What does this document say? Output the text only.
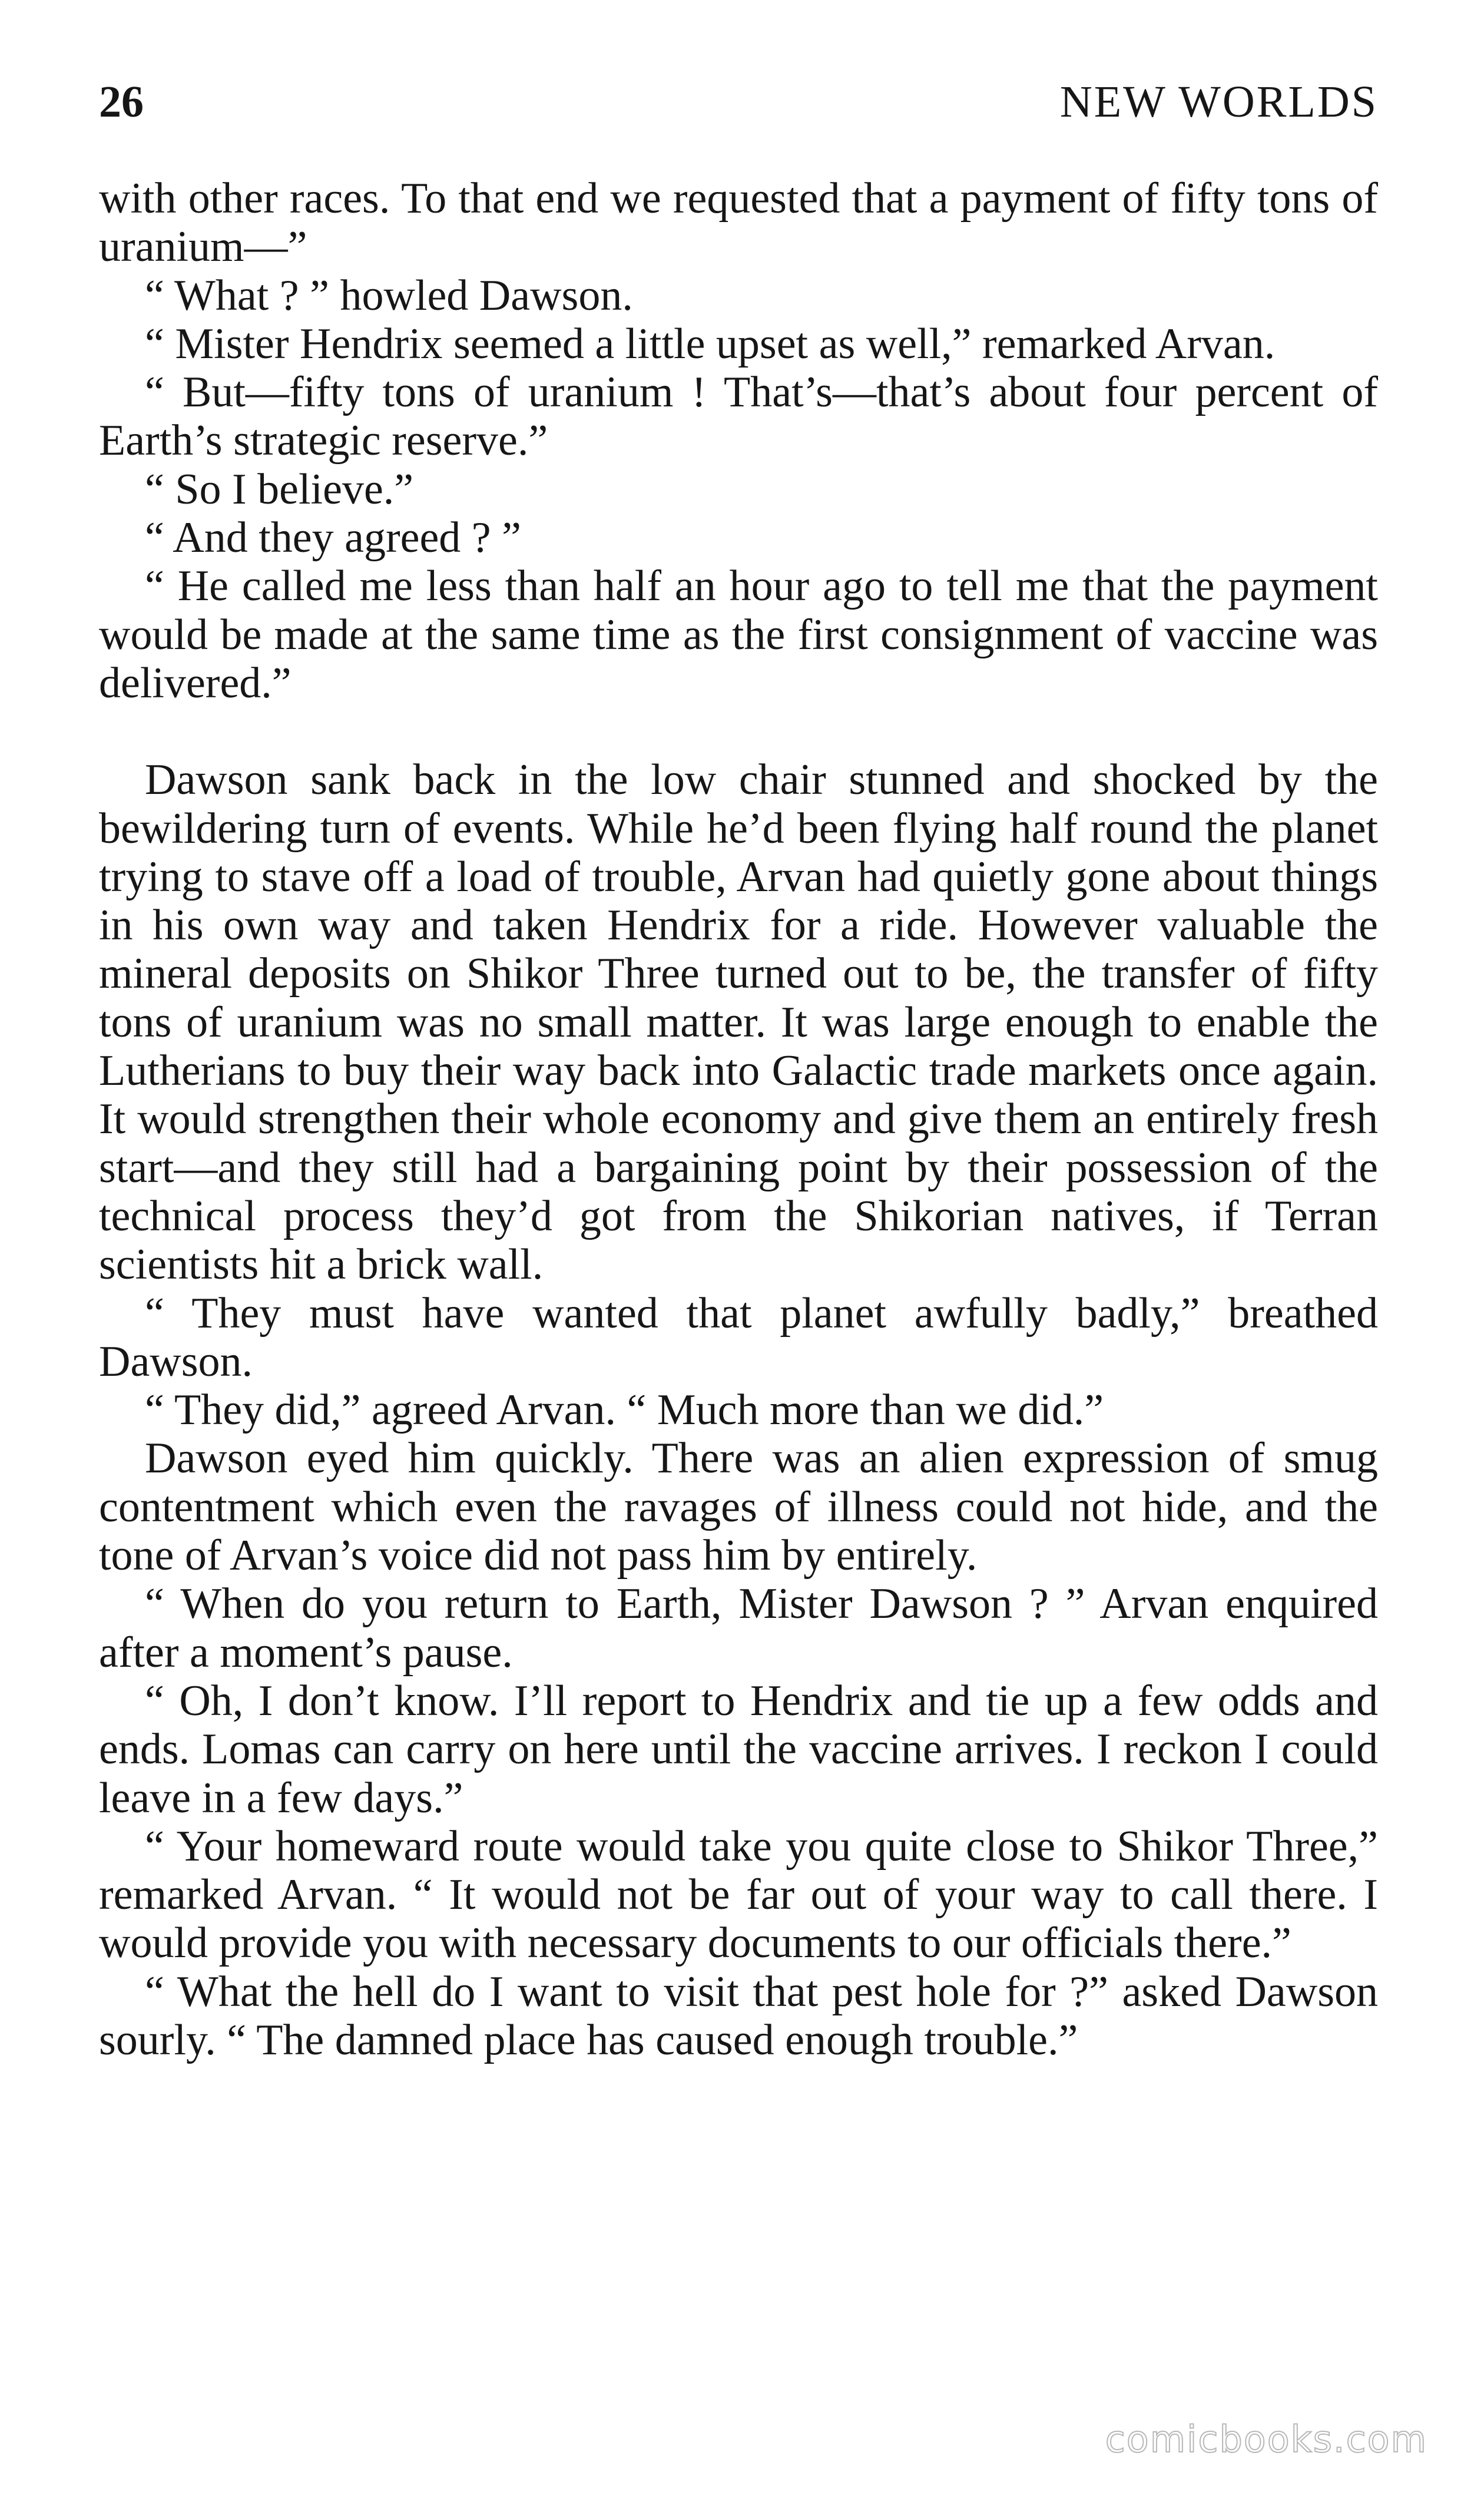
26	NEW WORLDS

with other races. To that end we requested that a payment of fifty tons of uranium—”

“ What ? ” howled Dawson.

“ Mister Hendrix seemed a little upset as well,” remarked Arvan.

“ But—fifty tons of uranium ! That’s—that’s about four percent of Earth’s strategic reserve.”

“ So I believe.”

“ And they agreed ? ”

“ He called me less than half an hour ago to tell me that the payment would be made at the same time as the first consignment of vaccine was delivered.”

Dawson sank back in the low chair stunned and shocked by the bewildering turn of events. While he’d been flying half round the planet trying to stave off a load of trouble, Arvan had quietly gone about things in his own way and taken Hendrix for a ride. However valuable the mineral deposits on Shikor Three turned out to be, the transfer of fifty tons of uranium was no small matter. It was large enough to enable the Lutherians to buy their way back into Galactic trade markets once again. It would strengthen their whole economy and give them an entirely fresh start—and they still had a bargaining point by their possession of the technical process they’d got from the Shikorian natives, if Terran scientists hit a brick wall.

“ They must have wanted that planet awfully badly,” breathed Dawson.

“ They did,” agreed Arvan. “ Much more than we did.”

Dawson eyed him quickly. There was an alien expression of smug contentment which even the ravages of illness could not hide, and the tone of Arvan’s voice did not pass him by entirely.

“ When do you return to Earth, Mister Dawson ? ” Arvan enquired after a moment’s pause.

“ Oh, I don’t know. I’ll report to Hendrix and tie up a few odds and ends. Lomas can carry on here until the vaccine arrives. I reckon I could leave in a few days.”

“ Your homeward route would take you quite close to Shikor Three,” remarked Arvan. “ It would not be far out of your way to call there. I would provide you with necessary documents to our officials there.”

“ What the hell do I want to visit that pest hole for ?” asked Dawson sourly. “ The damned place has caused enough trouble.”

comicbooks.com
